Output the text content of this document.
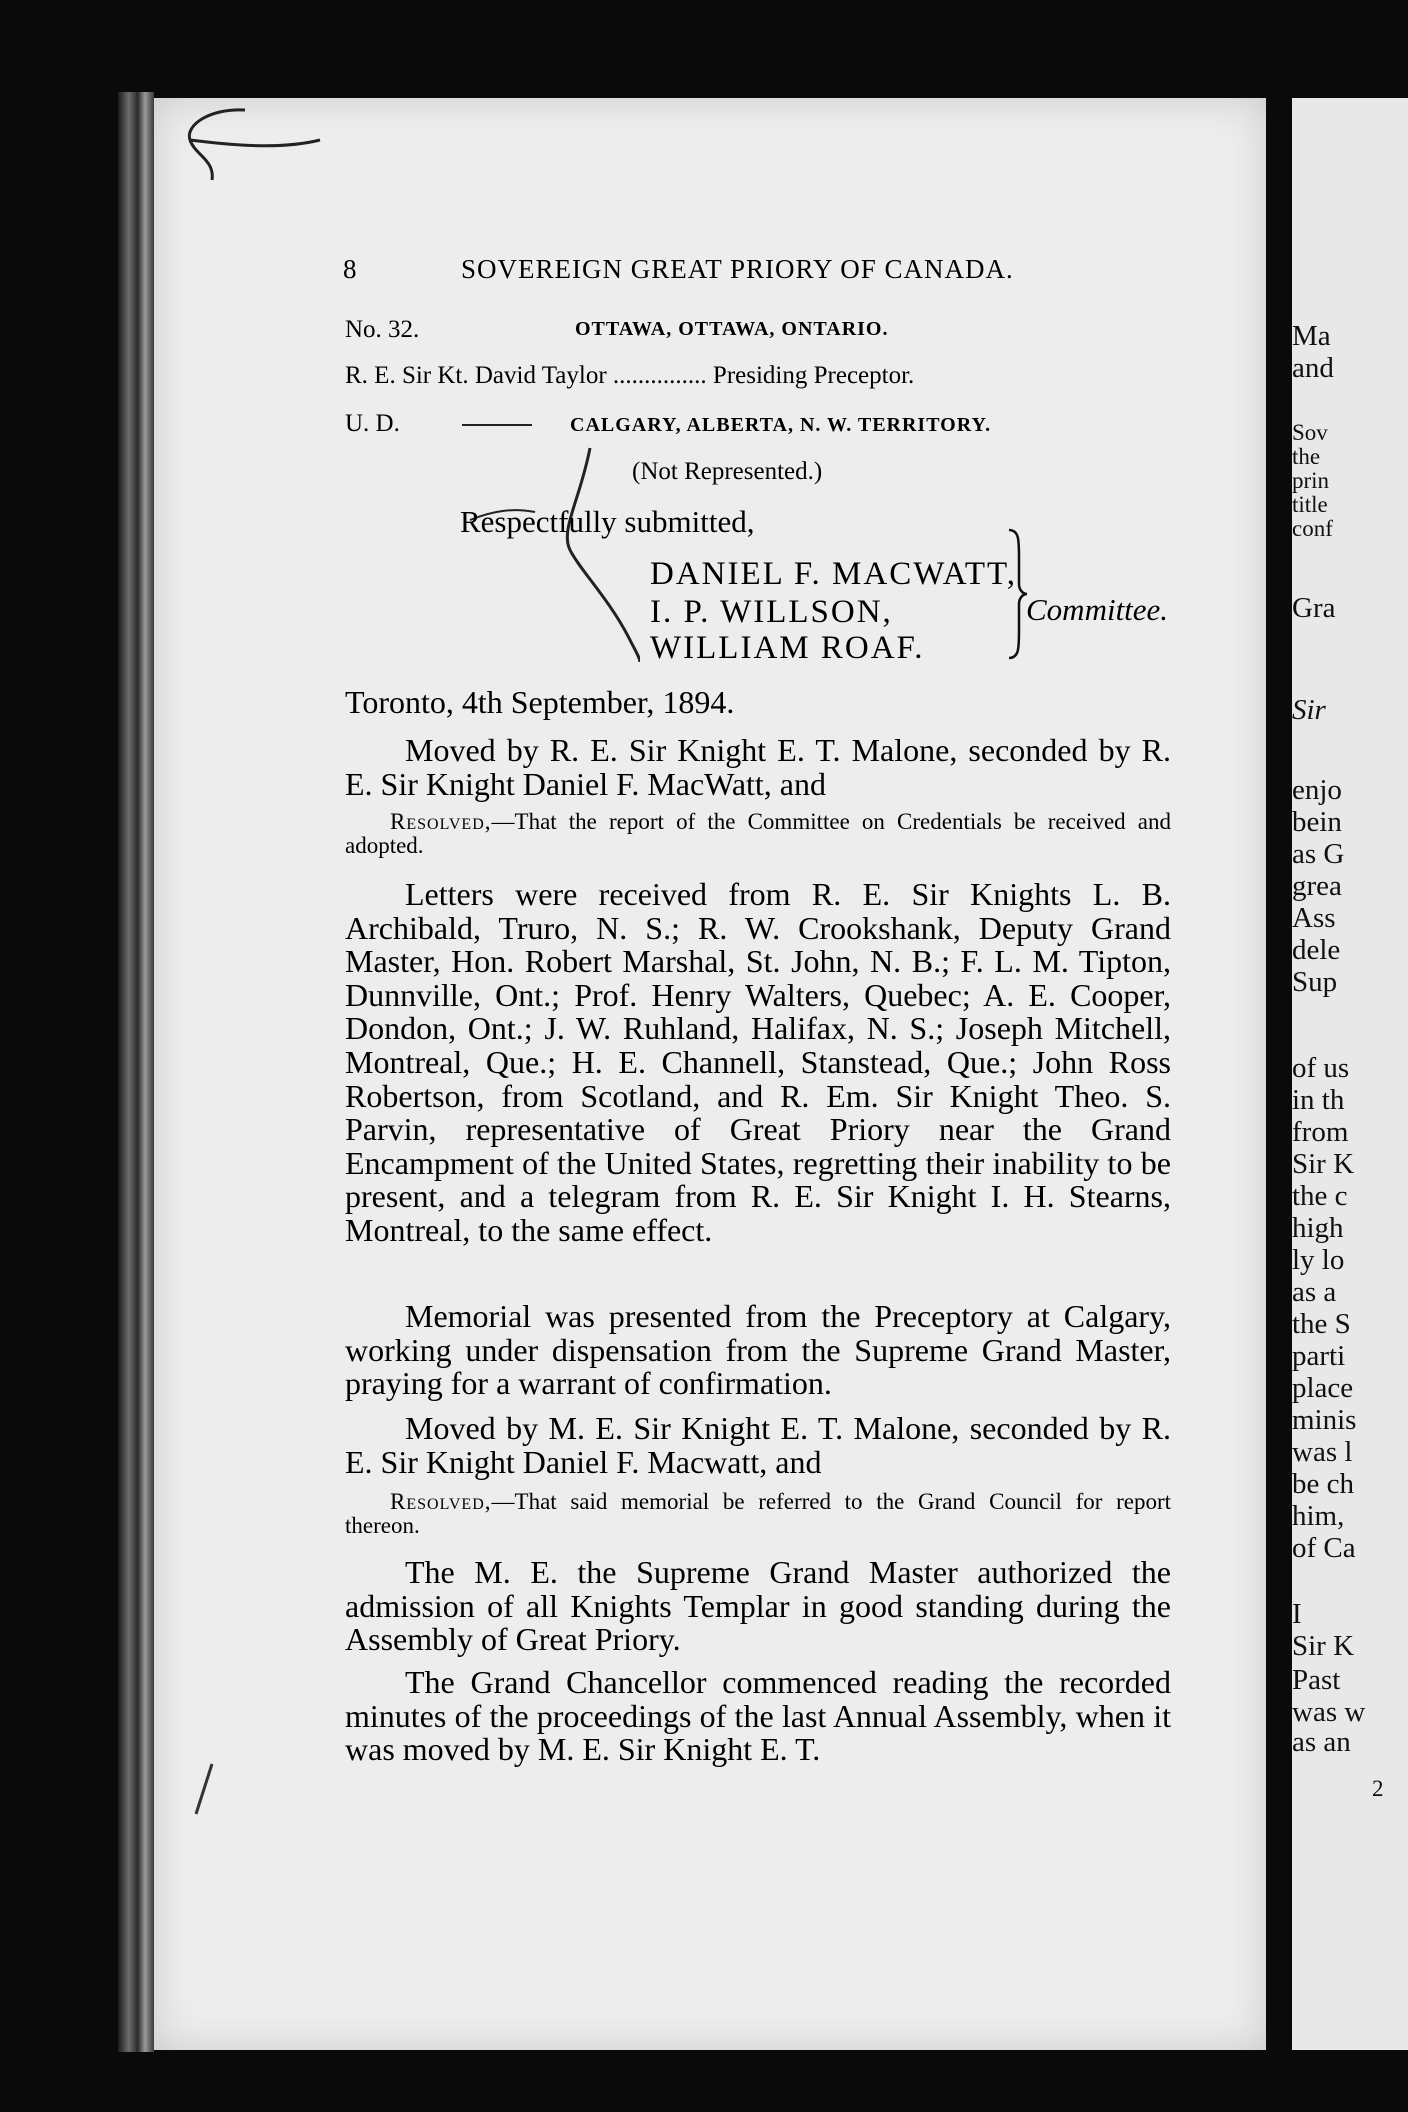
Ma
and
Sov
the
prin
title
conf
Gra
Sir
enjo
bein
as G
grea
Ass
dele
Sup
of us
in th
from
Sir K
the c
high
ly lo
as a
the S
parti
place
minis
was l
be ch
him,
of Ca
I
Sir K
Past
was w
as an
2
8	SOVEREIGN GREAT PRIORY OF CANADA.
No. 32.	OTTAWA, OTTAWA, ONTARIO.
R. E. Sir Kt. David Taylor ............... Presiding Preceptor.
U. D.	CALGARY, ALBERTA, N. W. TERRITORY.
(Not Represented.)
Respectfully submitted,
DANIEL F. MACWATT,
I. P. WILLSON,
WILLIAM ROAF.
Committee.
Toronto, 4th September, 1894.
Moved by R. E. Sir Knight E. T. Malone, seconded by R. E. Sir Knight Daniel F. MacWatt, and
Resolved,—That the report of the Committee on Credentials be received and adopted.
Letters were received from R. E. Sir Knights L. B. Archibald, Truro, N. S.; R. W. Crookshank, Deputy Grand Master, Hon. Robert Marshal, St. John, N. B.; F. L. M. Tipton, Dunnville, Ont.; Prof. Henry Walters, Quebec; A. E. Cooper, Dondon, Ont.; J. W. Ruhland, Halifax, N. S.; Joseph Mitchell, Montreal, Que.; H. E. Channell, Stanstead, Que.; John Ross Robertson, from Scotland, and R. Em. Sir Knight Theo. S. Parvin, representative of Great Priory near the Grand Encampment of the United States, regretting their inability to be present, and a telegram from R. E. Sir Knight I. H. Stearns, Montreal, to the same effect.
Memorial was presented from the Preceptory at Calgary, working under dispensation from the Supreme Grand Master, praying for a warrant of confirmation.
Moved by M. E. Sir Knight E. T. Malone, seconded by R. E. Sir Knight Daniel F. Macwatt, and
Resolved,—That said memorial be referred to the Grand Council for report thereon.
The M. E. the Supreme Grand Master authorized the admission of all Knights Templar in good standing during the Assembly of Great Priory.
The Grand Chancellor commenced reading the recorded minutes of the proceedings of the last Annual Assembly, when it was moved by M. E. Sir Knight E. T.
